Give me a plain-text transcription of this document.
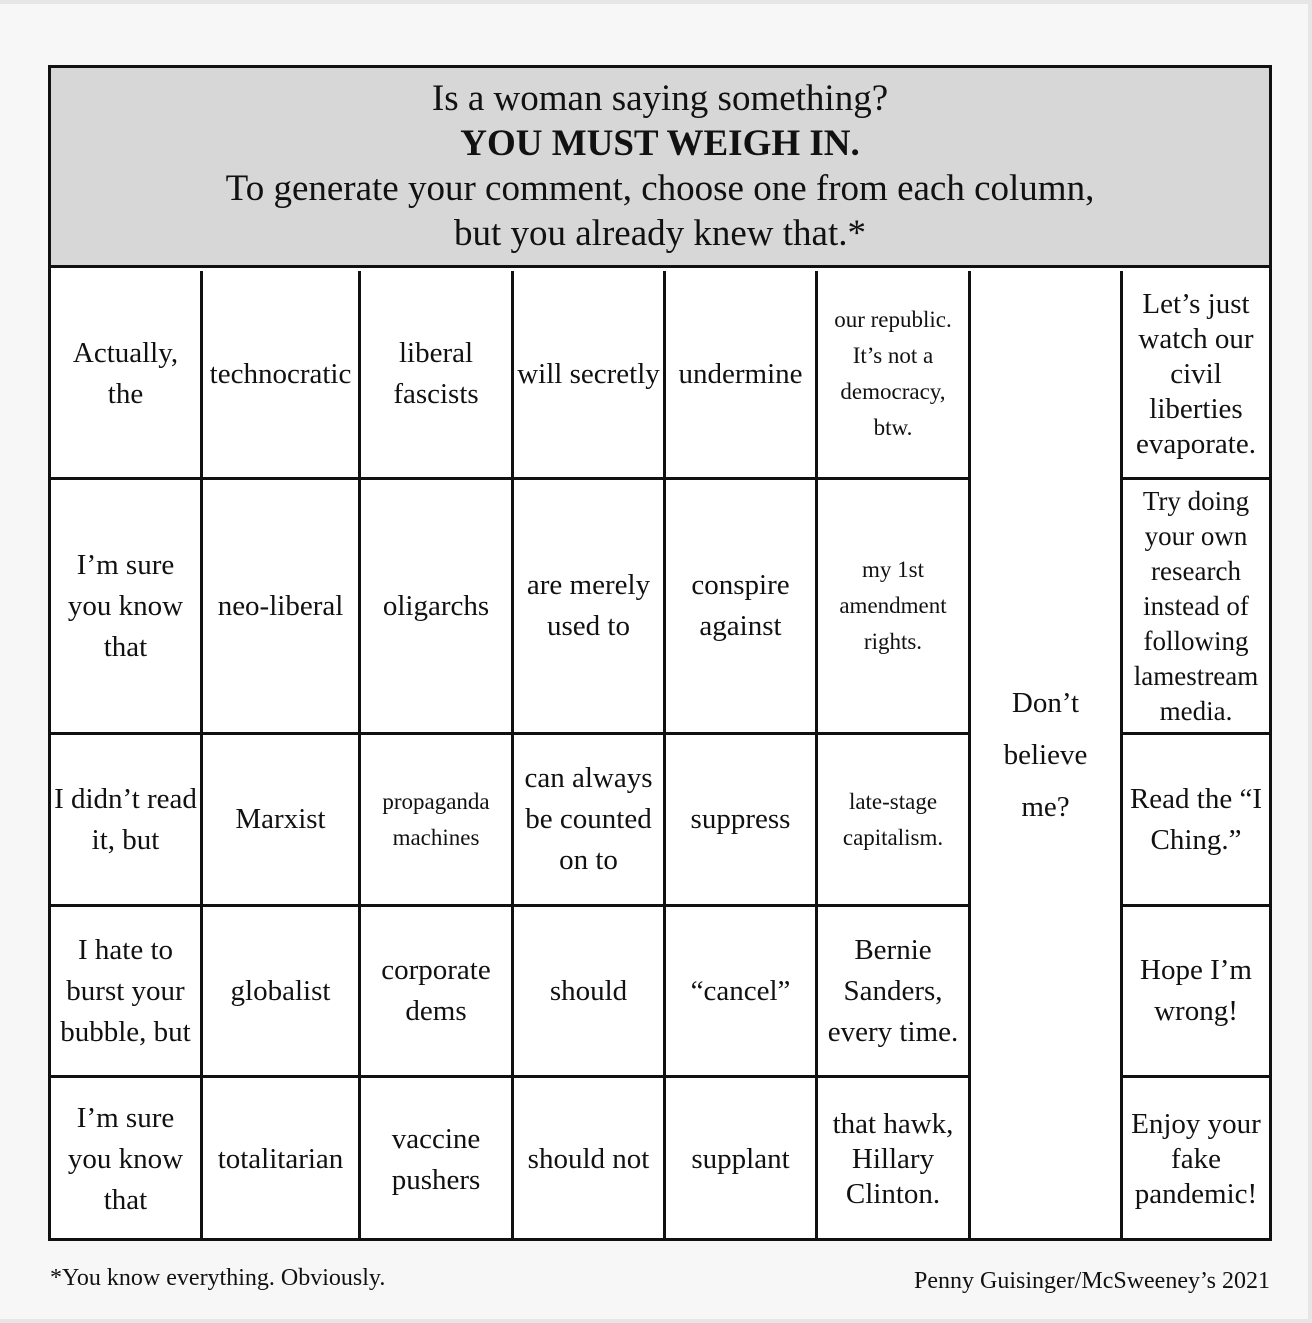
Is a woman saying something?
YOU MUST WEIGH IN.
To generate your comment, choose one from each column,
but you already knew that.*
Actually, the
I’m sure you know that
I didn’t read it, but
I hate to burst your bubble, but
I’m sure you know that
technocratic
neo-liberal
Marxist
globalist
totalitarian
liberal fascists
oligarchs
propaganda machines
corporate dems
vaccine pushers
will secretly
are merely used to
can always be counted on to
should
should not
undermine
conspire against
suppress
“cancel”
supplant
our republic. It’s not a democracy, btw.
my 1st amendment rights.
late-stage capitalism.
Bernie Sanders, every time.
that hawk, Hillary Clinton.
Don’t believe me?
Let’s just watch our civil liberties evaporate.
Try doing your own research instead of following lamestream media.
Read the “I Ching.”
Hope I’m wrong!
Enjoy your fake pandemic!
*You know everything. Obviously.	Penny Guisinger/McSweeney’s 2021
